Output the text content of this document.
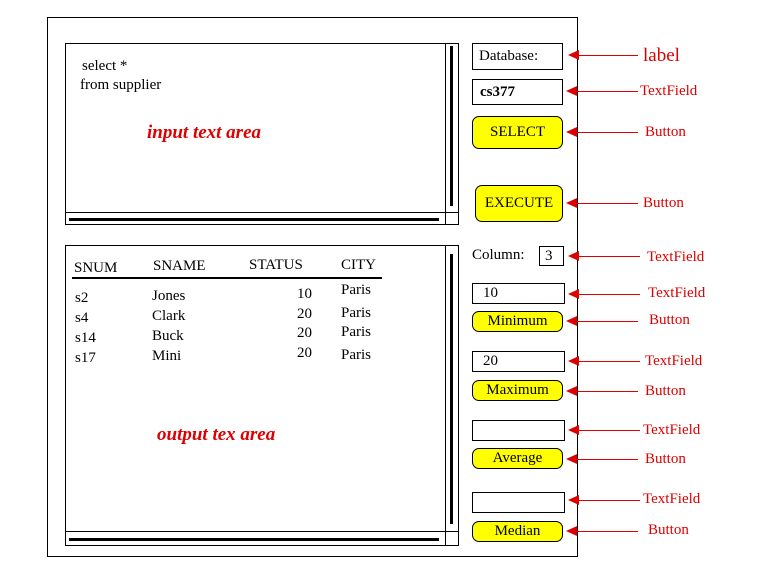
select *
from supplier
input text area
SNUM SNAME	STATUS	CITY
s2	Jones	10 Paris
s4	Clark	20 Paris
s14	Buck	20 Paris
s17	Mini	20 Paris
output tex area
Database:
cs377
SELECT
EXECUTE
Column:	3
10
Minimum
20
Maximum
Average
Median
label
TextField
Button
Button
TextField
TextField
Button
TextField
Button
TextField
Button
TextField
Button
